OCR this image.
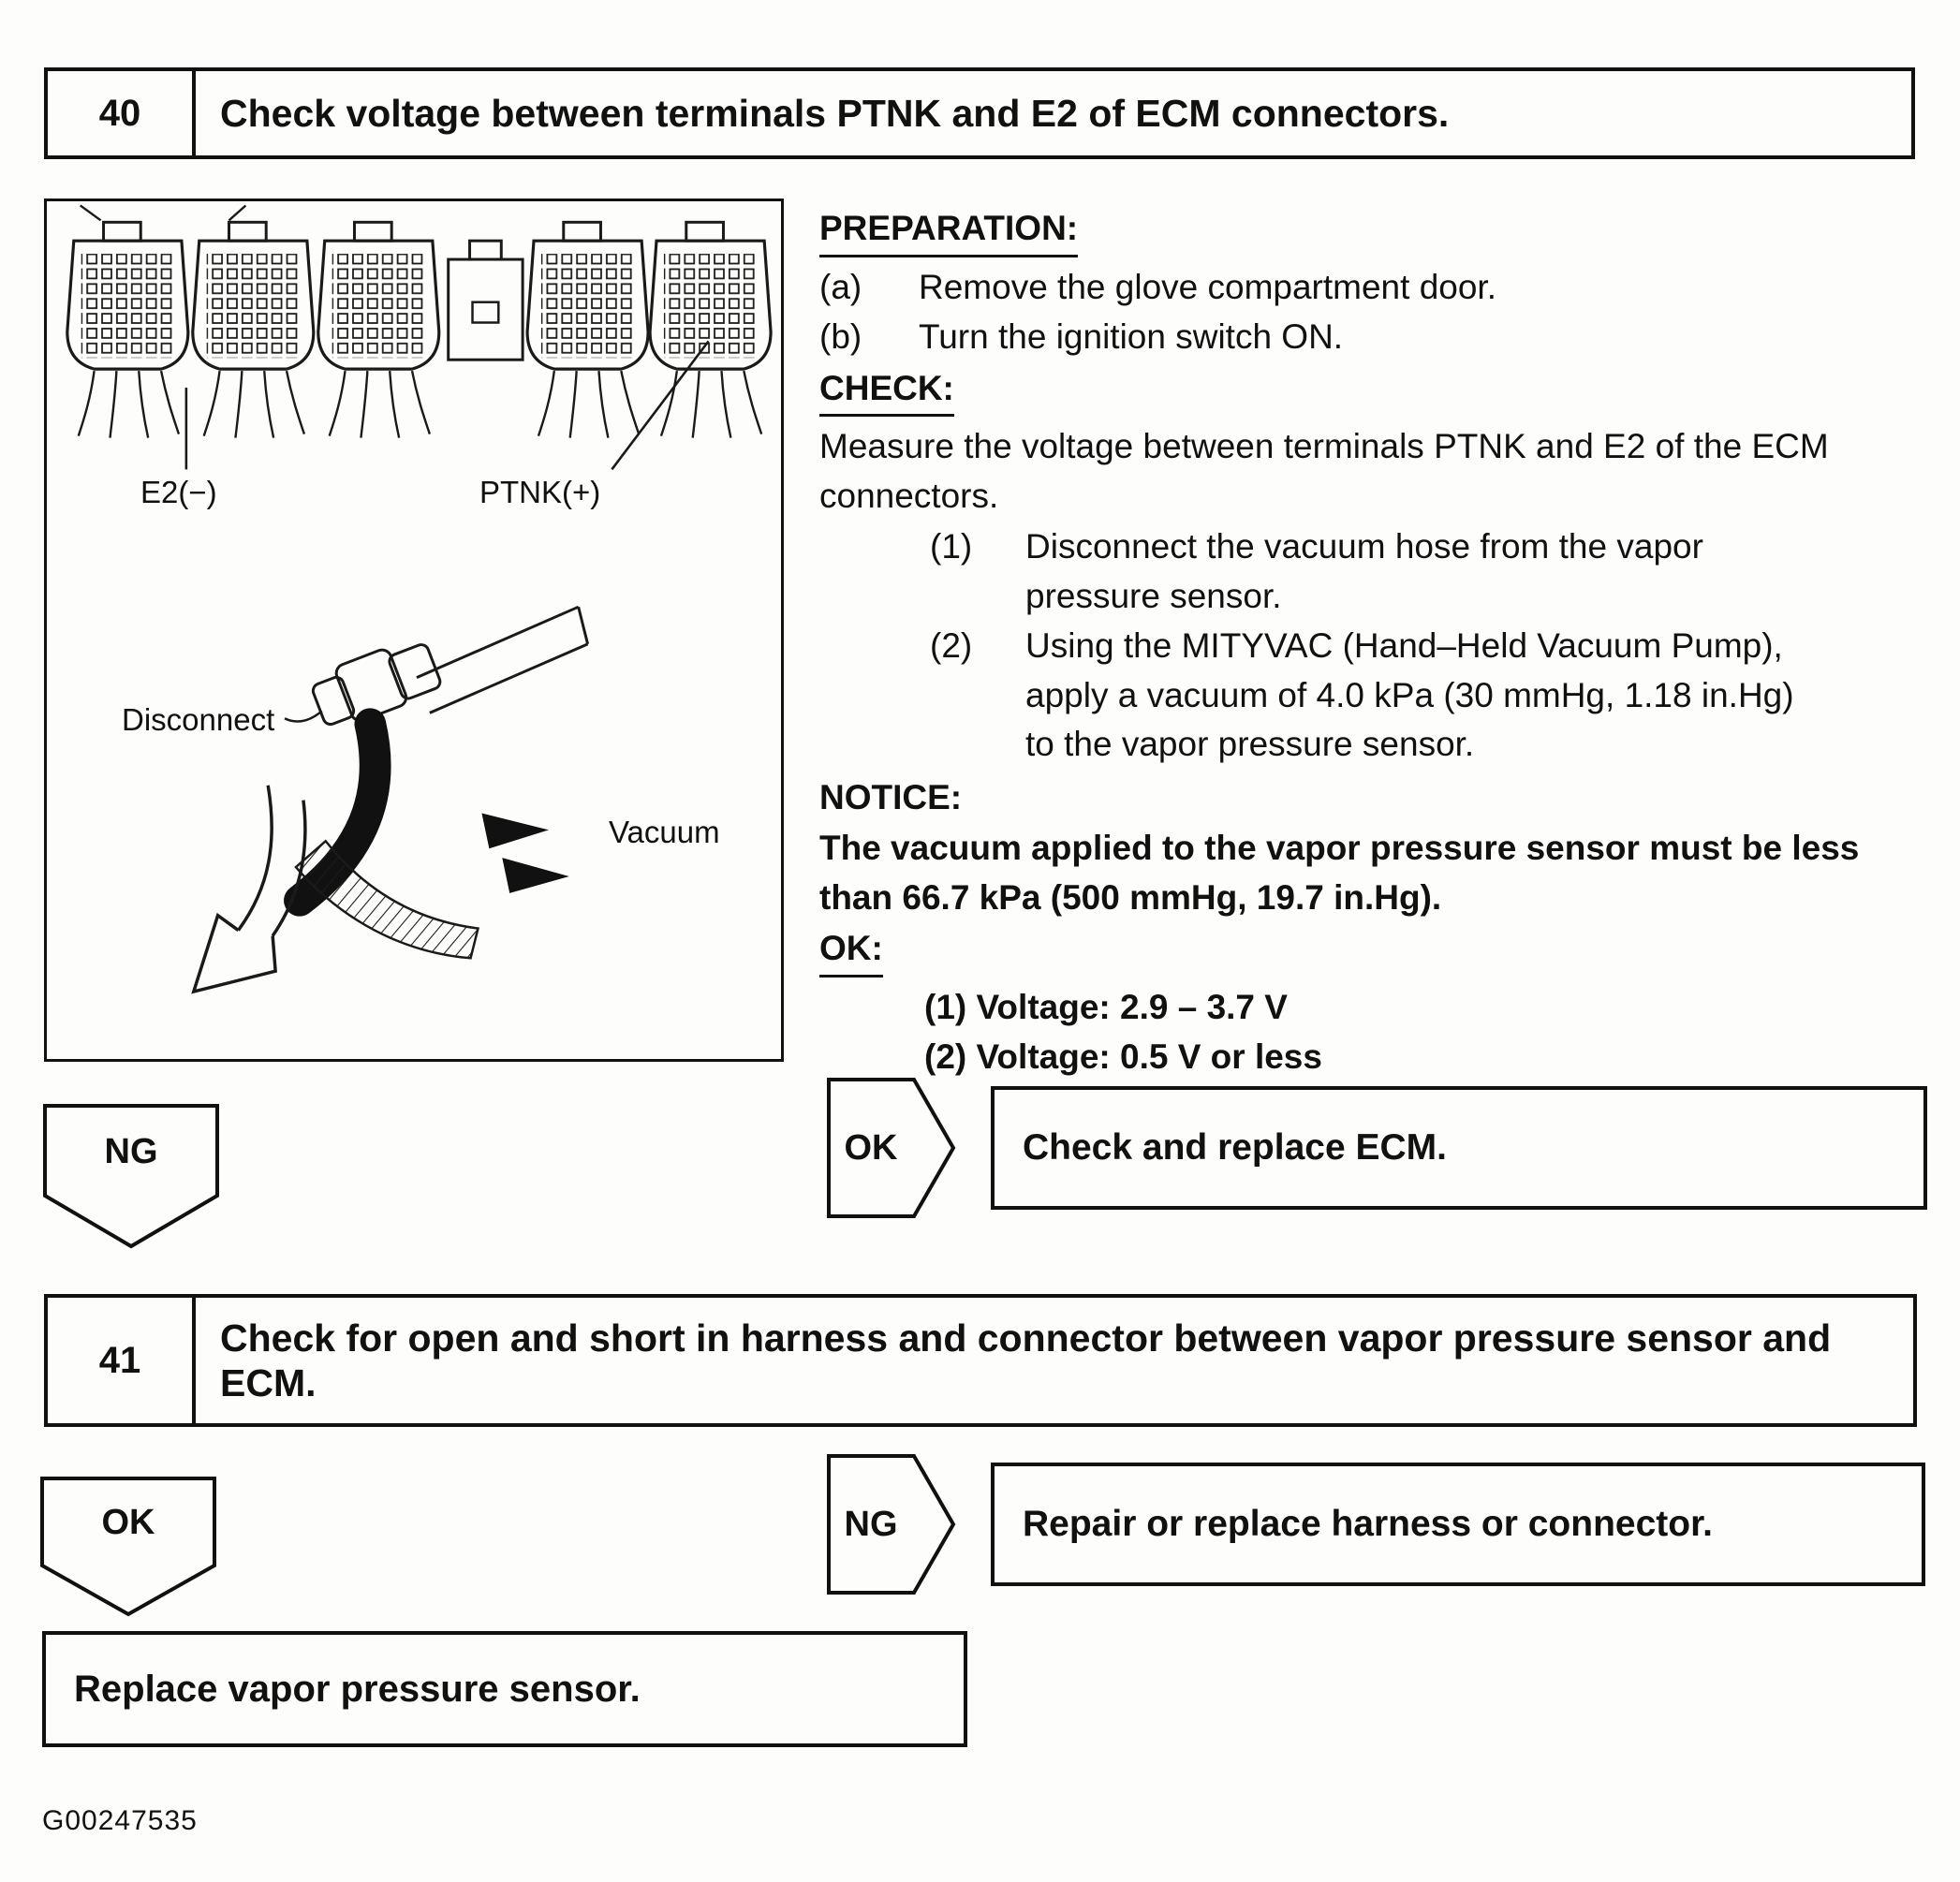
40	Check voltage between terminals PTNK and E2 of ECM connectors.
E2(−)	PTNK(+)
Disconnect
Vacuum
PREPARATION:
(a)	Remove the glove compartment door.
(b)	Turn the ignition switch ON.
CHECK:
Measure the voltage between terminals PTNK and E2 of the ECM connectors.
(1)	Disconnect the vacuum hose from the vapor pressure sensor.
(2)	Using the MITYVAC (Hand–Held Vacuum Pump), apply a vacuum of 4.0 kPa (30 mmHg, 1.18 in.Hg) to the vapor pressure sensor.
NOTICE:
The vacuum applied to the vapor pressure sensor must be less than 66.7 kPa (500 mmHg, 19.7 in.Hg).
OK:
(1) Voltage: 2.9 – 3.7 V
(2) Voltage: 0.5 V or less
OK	Check and replace ECM.
NG
41
Check for open and short in harness and connector between vapor pressure sensor and ECM.
OK	NG	Repair or replace harness or connector.
Replace vapor pressure sensor.
G00247535
